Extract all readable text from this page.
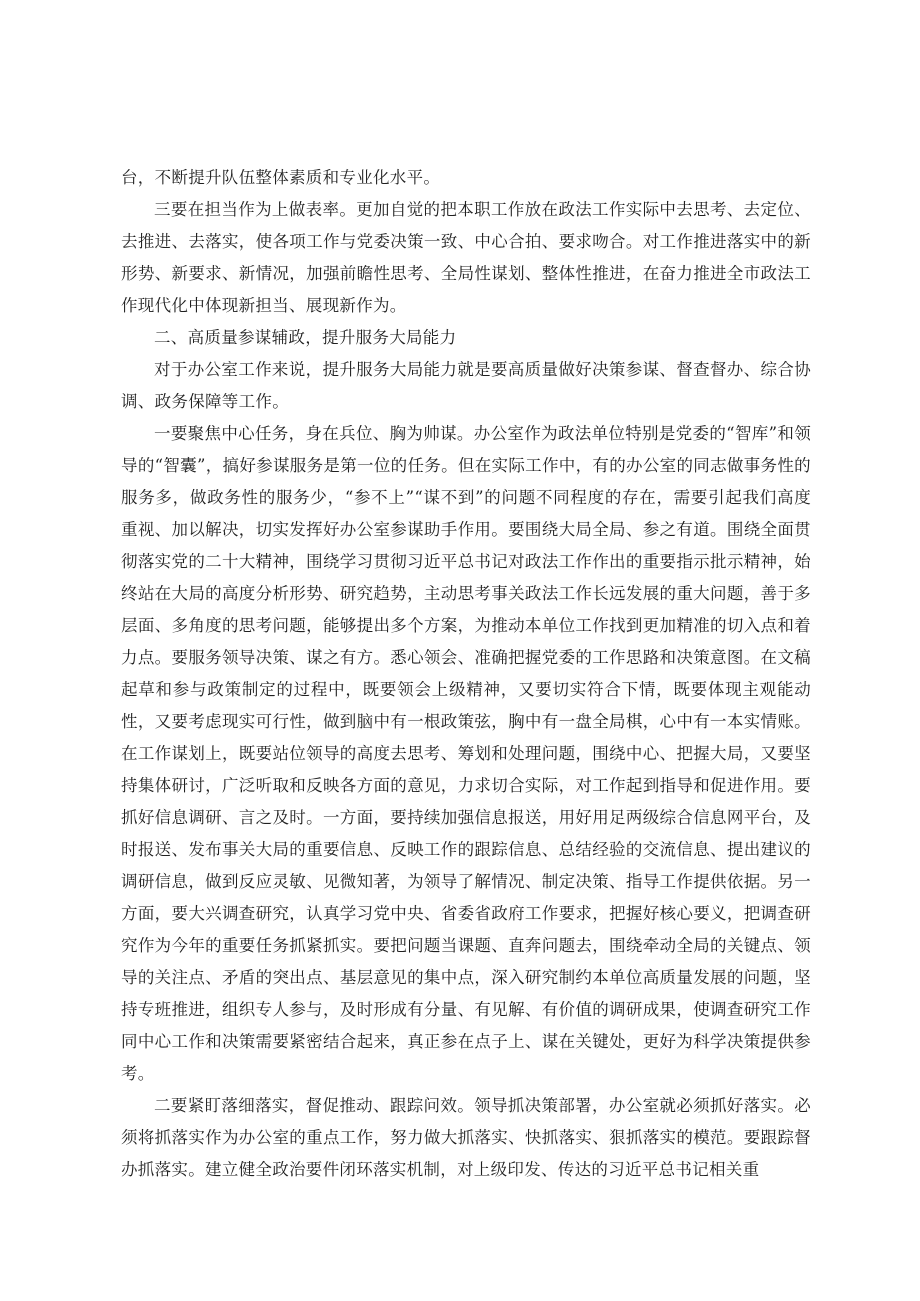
台，不断提升队伍整体素质和专业化水平。

三要在担当作为上做表率。更加自觉的把本职工作放在政法工作实际中去思考、去定位、去推进、去落实，使各项工作与党委决策一致、中心合拍、要求吻合。对工作推进落实中的新形势、新要求、新情况，加强前瞻性思考、全局性谋划、整体性推进，在奋力推进全市政法工作现代化中体现新担当、展现新作为。

二、高质量参谋辅政，提升服务大局能力

对于办公室工作来说，提升服务大局能力就是要高质量做好决策参谋、督查督办、综合协调、政务保障等工作。

一要聚焦中心任务，身在兵位、胸为帅谋。办公室作为政法单位特别是党委的“智库”和领导的“智囊”，搞好参谋服务是第一位的任务。但在实际工作中，有的办公室的同志做事务性的服务多，做政务性的服务少，“参不上”“谋不到”的问题不同程度的存在，需要引起我们高度重视、加以解决，切实发挥好办公室参谋助手作用。要围绕大局全局、参之有道。围绕全面贯彻落实党的二十大精神，围绕学习贯彻习近平总书记对政法工作作出的重要指示批示精神，始终站在大局的高度分析形势、研究趋势，主动思考事关政法工作长远发展的重大问题，善于多层面、多角度的思考问题，能够提出多个方案，为推动本单位工作找到更加精准的切入点和着力点。要服务领导决策、谋之有方。悉心领会、准确把握党委的工作思路和决策意图。在文稿起草和参与政策制定的过程中，既要领会上级精神，又要切实符合下情，既要体现主观能动性，又要考虑现实可行性，做到脑中有一根政策弦，胸中有一盘全局棋，心中有一本实情账。在工作谋划上，既要站位领导的高度去思考、筹划和处理问题，围绕中心、把握大局，又要坚持集体研讨，广泛听取和反映各方面的意见，力求切合实际，对工作起到指导和促进作用。要抓好信息调研、言之及时。一方面，要持续加强信息报送，用好用足两级综合信息网平台，及时报送、发布事关大局的重要信息、反映工作的跟踪信息、总结经验的交流信息、提出建议的调研信息，做到反应灵敏、见微知著，为领导了解情况、制定决策、指导工作提供依据。另一方面，要大兴调查研究，认真学习党中央、省委省政府工作要求，把握好核心要义，把调查研究作为今年的重要任务抓紧抓实。要把问题当课题、直奔问题去，围绕牵动全局的关键点、领导的关注点、矛盾的突出点、基层意见的集中点，深入研究制约本单位高质量发展的问题，坚持专班推进，组织专人参与，及时形成有分量、有见解、有价值的调研成果，使调查研究工作同中心工作和决策需要紧密结合起来，真正参在点子上、谋在关键处，更好为科学决策提供参考。

二要紧盯落细落实，督促推动、跟踪问效。领导抓决策部署，办公室就必须抓好落实。必须将抓落实作为办公室的重点工作，努力做大抓落实、快抓落实、狠抓落实的模范。要跟踪督办抓落实。建立健全政治要件闭环落实机制，对上级印发、传达的习近平总书记相关重
